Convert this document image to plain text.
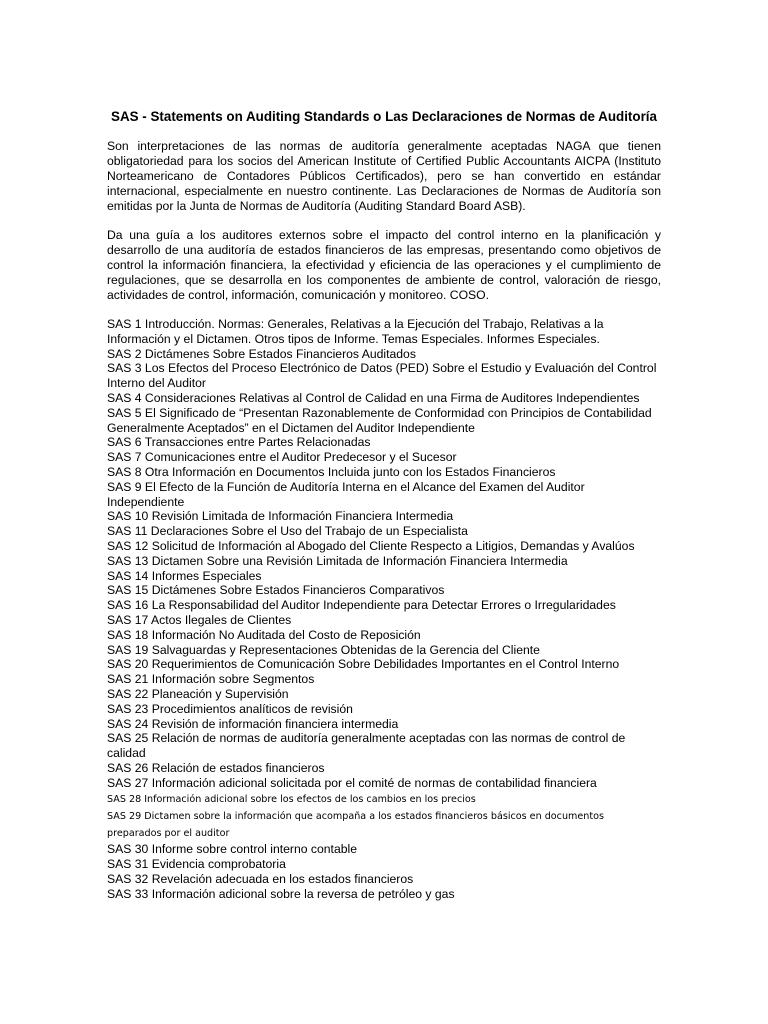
SAS - Statements on Auditing Standards o Las Declaraciones de Normas de Auditoría

Son interpretaciones de las normas de auditoría generalmente aceptadas NAGA que tienen obligatoriedad para los socios del American Institute of Certified Public Accountants AICPA (Instituto Norteamericano de Contadores Públicos Certificados), pero se han convertido en estándar internacional, especialmente en nuestro continente. Las Declaraciones de Normas de Auditoría son emitidas por la Junta de Normas de Auditoría (Auditing Standard Board ASB).

Da una guía a los auditores externos sobre el impacto del control interno en la planificación y desarrollo de una auditoría de estados financieros de las empresas, presentando como objetivos de control la información financiera, la efectividad y eficiencia de las operaciones y el cumplimiento de regulaciones, que se desarrolla en los componentes de ambiente de control, valoración de riesgo, actividades de control, información, comunicación y monitoreo. COSO.

SAS 1 Introducción. Normas: Generales, Relativas a la Ejecución del Trabajo, Relativas a la Información y el Dictamen. Otros tipos de Informe. Temas Especiales. Informes Especiales.
SAS 2 Dictámenes Sobre Estados Financieros Auditados
SAS 3 Los Efectos del Proceso Electrónico de Datos (PED) Sobre el Estudio y Evaluación del Control Interno del Auditor
SAS 4 Consideraciones Relativas al Control de Calidad en una Firma de Auditores Independientes
SAS 5 El Significado de “Presentan Razonablemente de Conformidad con Principios de Contabilidad Generalmente Aceptados” en el Dictamen del Auditor Independiente
SAS 6 Transacciones entre Partes Relacionadas
SAS 7 Comunicaciones entre el Auditor Predecesor y el Sucesor
SAS 8 Otra Información en Documentos Incluida junto con los Estados Financieros
SAS 9 El Efecto de la Función de Auditoría Interna en el Alcance del Examen del Auditor Independiente
SAS 10 Revisión Limitada de Información Financiera Intermedia
SAS 11 Declaraciones Sobre el Uso del Trabajo de un Especialista
SAS 12 Solicitud de Información al Abogado del Cliente Respecto a Litigios, Demandas y Avalúos
SAS 13 Dictamen Sobre una Revisión Limitada de Información Financiera Intermedia
SAS 14 Informes Especiales
SAS 15 Dictámenes Sobre Estados Financieros Comparativos
SAS 16 La Responsabilidad del Auditor Independiente para Detectar Errores o Irregularidades
SAS 17 Actos Ilegales de Clientes
SAS 18 Información No Auditada del Costo de Reposición
SAS 19 Salvaguardas y Representaciones Obtenidas de la Gerencia del Cliente
SAS 20 Requerimientos de Comunicación Sobre Debilidades Importantes en el Control Interno
SAS 21 Información sobre Segmentos
SAS 22 Planeación y Supervisión
SAS 23 Procedimientos analíticos de revisión
SAS 24 Revisión de información financiera intermedia
SAS 25 Relación de normas de auditoría generalmente aceptadas con las normas de control de calidad
SAS 26 Relación de estados financieros
SAS 27 Información adicional solicitada por el comité de normas de contabilidad financiera
SAS 28 Información adicional sobre los efectos de los cambios en los precios
SAS 29 Dictamen sobre la información que acompaña a los estados financieros básicos en documentos preparados por el auditor
SAS 30 Informe sobre control interno contable
SAS 31 Evidencia comprobatoria
SAS 32 Revelación adecuada en los estados financieros
SAS 33 Información adicional sobre la reversa de petróleo y gas
